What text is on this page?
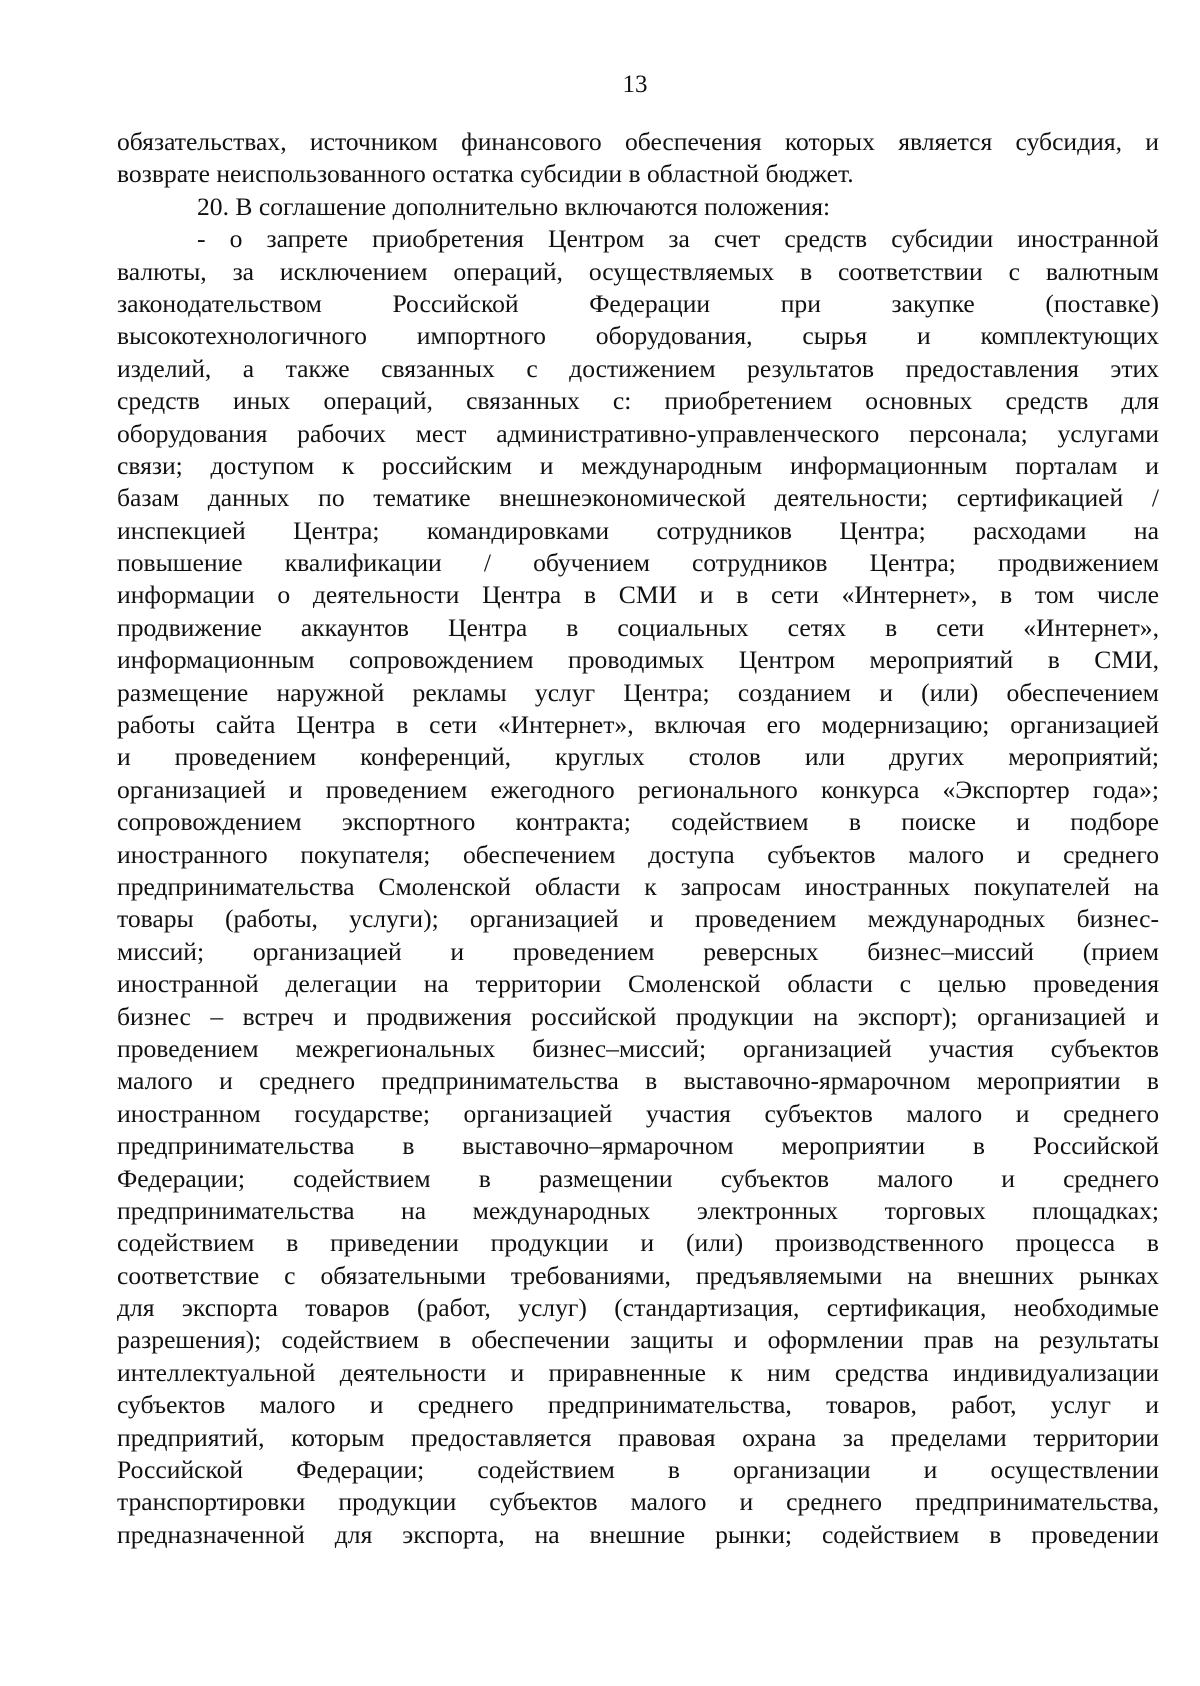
13
обязательствах, источником финансового обеспечения которых является субсидия, и
возврате неиспользованного остатка субсидии в областной бюджет.
20. В соглашение дополнительно включаются положения:
- о запрете приобретения Центром за счет средств субсидии иностранной
валюты, за исключением операций, осуществляемых в соответствии с валютным
законодательством Российской Федерации при закупке (поставке)
высокотехнологичного импортного оборудования, сырья и комплектующих
изделий, а также связанных с достижением результатов предоставления этих
средств иных операций, связанных с: приобретением основных средств для
оборудования рабочих мест административно-управленческого персонала; услугами
связи; доступом к российским и международным информационным порталам и
базам данных по тематике внешнеэкономической деятельности; сертификацией /
инспекцией Центра; командировками сотрудников Центра; расходами на
повышение квалификации / обучением сотрудников Центра; продвижением
информации о деятельности Центра в СМИ и в сети «Интернет», в том числе
продвижение аккаунтов Центра в социальных сетях в сети «Интернет»,
информационным сопровождением проводимых Центром мероприятий в СМИ,
размещение наружной рекламы услуг Центра; созданием и (или) обеспечением
работы сайта Центра в сети «Интернет», включая его модернизацию; организацией
и проведением конференций, круглых столов или других мероприятий;
организацией и проведением ежегодного регионального конкурса «Экспортер года»;
сопровождением экспортного контракта; содействием в поиске и подборе
иностранного покупателя; обеспечением доступа субъектов малого и среднего
предпринимательства Смоленской области к запросам иностранных покупателей на
товары (работы, услуги); организацией и проведением международных бизнес-
миссий; организацией и проведением реверсных бизнес–миссий (прием
иностранной делегации на территории Смоленской области с целью проведения
бизнес – встреч и продвижения российской продукции на экспорт); организацией и
проведением межрегиональных бизнес–миссий; организацией участия субъектов
малого и среднего предпринимательства в выставочно-ярмарочном мероприятии в
иностранном государстве; организацией участия субъектов малого и среднего
предпринимательства в выставочно–ярмарочном мероприятии в Российской
Федерации; содействием в размещении субъектов малого и среднего
предпринимательства на международных электронных торговых площадках;
содействием в приведении продукции и (или) производственного процесса в
соответствие с обязательными требованиями, предъявляемыми на внешних рынках
для экспорта товаров (работ, услуг) (стандартизация, сертификация, необходимые
разрешения); содействием в обеспечении защиты и оформлении прав на результаты
интеллектуальной деятельности и приравненные к ним средства индивидуализации
субъектов малого и среднего предпринимательства, товаров, работ, услуг и
предприятий, которым предоставляется правовая охрана за пределами территории
Российской Федерации; содействием в организации и осуществлении
транспортировки продукции субъектов малого и среднего предпринимательства,
предназначенной для экспорта, на внешние рынки; содействием в проведении
